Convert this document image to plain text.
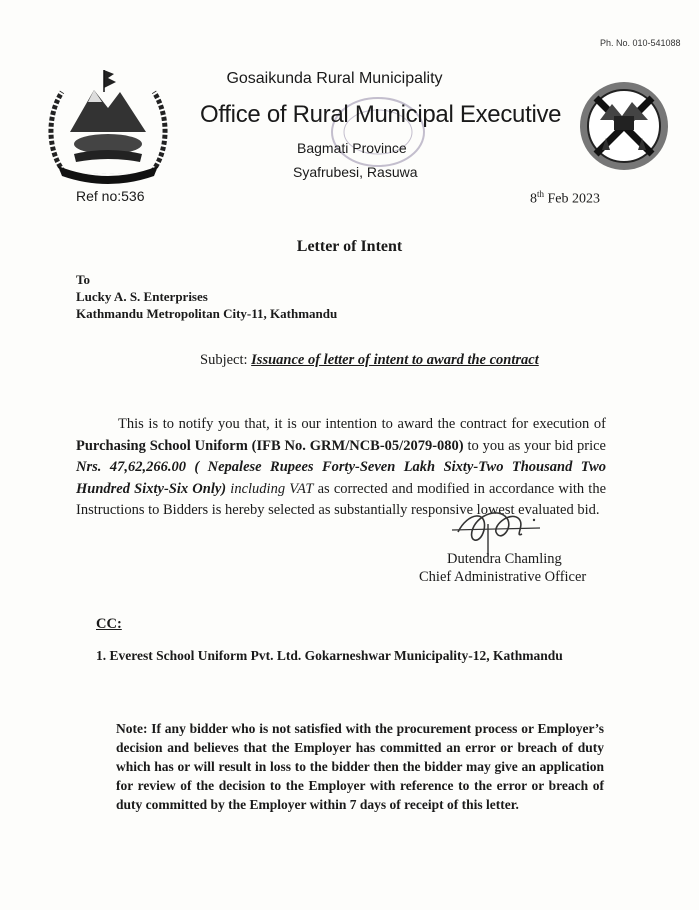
Ph. No. 010-541088
~ ~ ~ ~ ~ ~
Gosaikunda Rural Municipality
Office of Rural Municipal Executive
Bagmati Province
Syafrubesi, Rasuwa
Ref no:536	8th Feb 2023
Letter of Intent
To
Lucky A. S. Enterprises
Kathmandu Metropolitan City-11, Kathmandu
Subject: Issuance of letter of intent to award the contract
This is to notify you that, it is our intention to award the contract for execution of Purchasing School Uniform (IFB No. GRM/NCB-05/2079-080) to you as your bid price Nrs. 47,62,266.00 ( Nepalese Rupees Forty-Seven Lakh Sixty-Two Thousand Two Hundred Sixty-Six Only) including VAT as corrected and modified in accordance with the Instructions to Bidders is hereby selected as substantially responsive lowest evaluated bid.
Dutendra Chamling
Chief Administrative Officer
CC:
1. Everest School Uniform Pvt. Ltd. Gokarneshwar Municipality-12, Kathmandu
Note: If any bidder who is not satisfied with the procurement process or Employer’s decision and believes that the Employer has committed an error or breach of duty which has or will result in loss to the bidder then the bidder may give an application for review of the decision to the Employer with reference to the error or breach of duty committed by the Employer within 7 days of receipt of this letter.
